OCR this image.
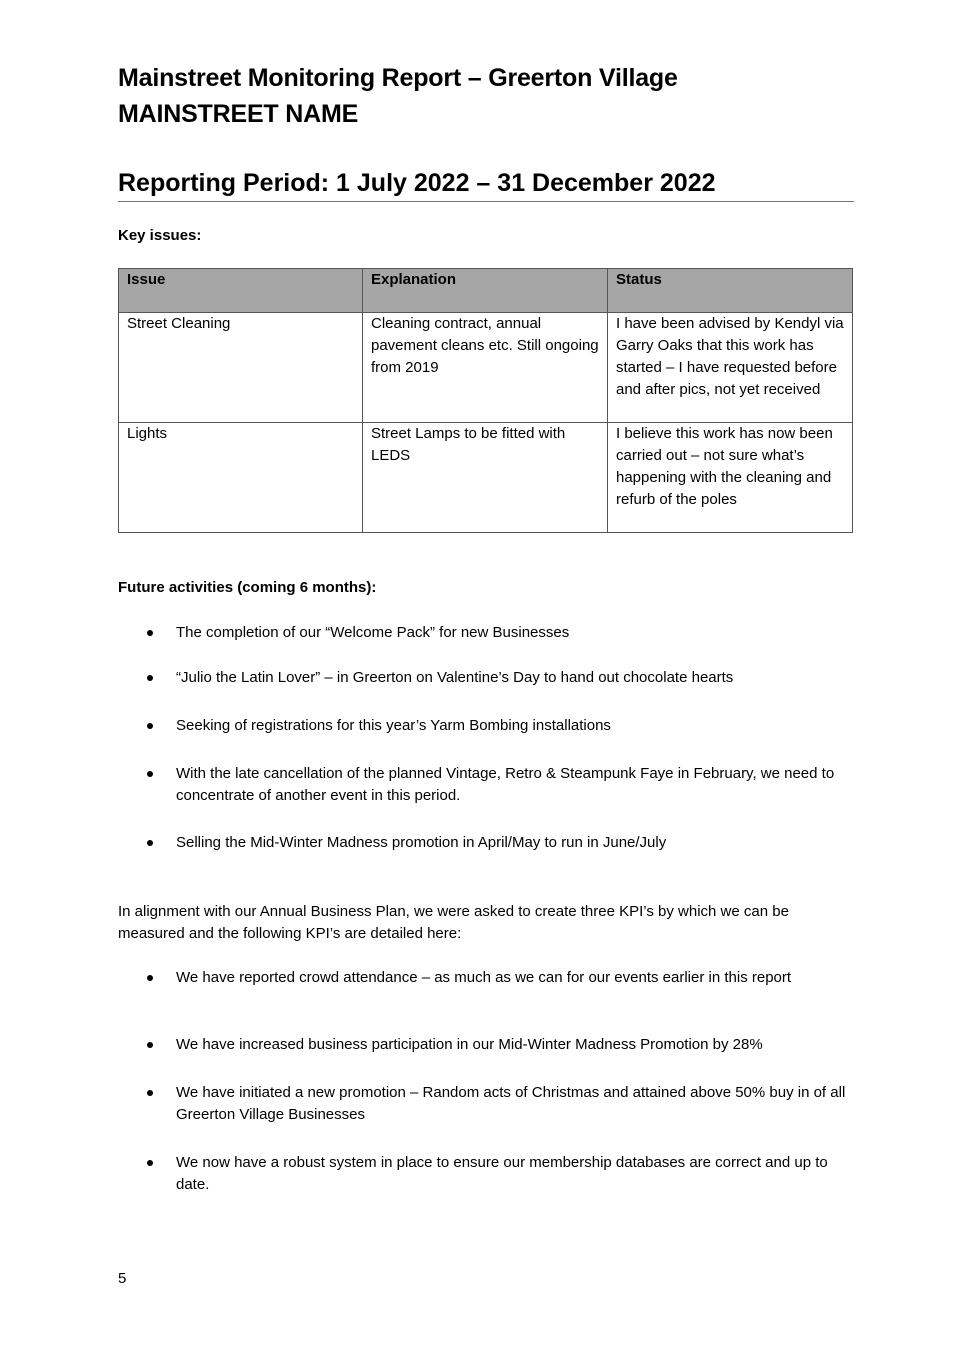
Mainstreet Monitoring Report – Greerton Village
MAINSTREET NAME
Reporting Period: 1 July 2022 – 31 December 2022

Key issues:

Issue	Explanation	Status
Street Cleaning	Cleaning contract, annual pavement cleans etc. Still ongoing from 2019	I have been advised by Kendyl via Garry Oaks that this work has started – I have requested before and after pics, not yet received
Lights	Street Lamps to be fitted with LEDS	I believe this work has now been carried out – not sure what’s happening with the cleaning and refurb of the poles

Future activities (coming 6 months):

The completion of our “Welcome Pack” for new Businesses
“Julio the Latin Lover” – in Greerton on Valentine’s Day to hand out chocolate hearts
Seeking of registrations for this year’s Yarm Bombing installations
With the late cancellation of the planned Vintage, Retro & Steampunk Faye in February, we need to concentrate of another event in this period.
Selling the Mid-Winter Madness promotion in April/May to run in June/July

In alignment with our Annual Business Plan, we were asked to create three KPI’s by which we can be measured and the following KPI’s are detailed here:

We have reported crowd attendance – as much as we can for our events earlier in this report
We have increased business participation in our Mid-Winter Madness Promotion by 28%
We have initiated a new promotion – Random acts of Christmas and attained above 50% buy in of all Greerton Village Businesses
We now have a robust system in place to ensure our membership databases are correct and up to date.

5
